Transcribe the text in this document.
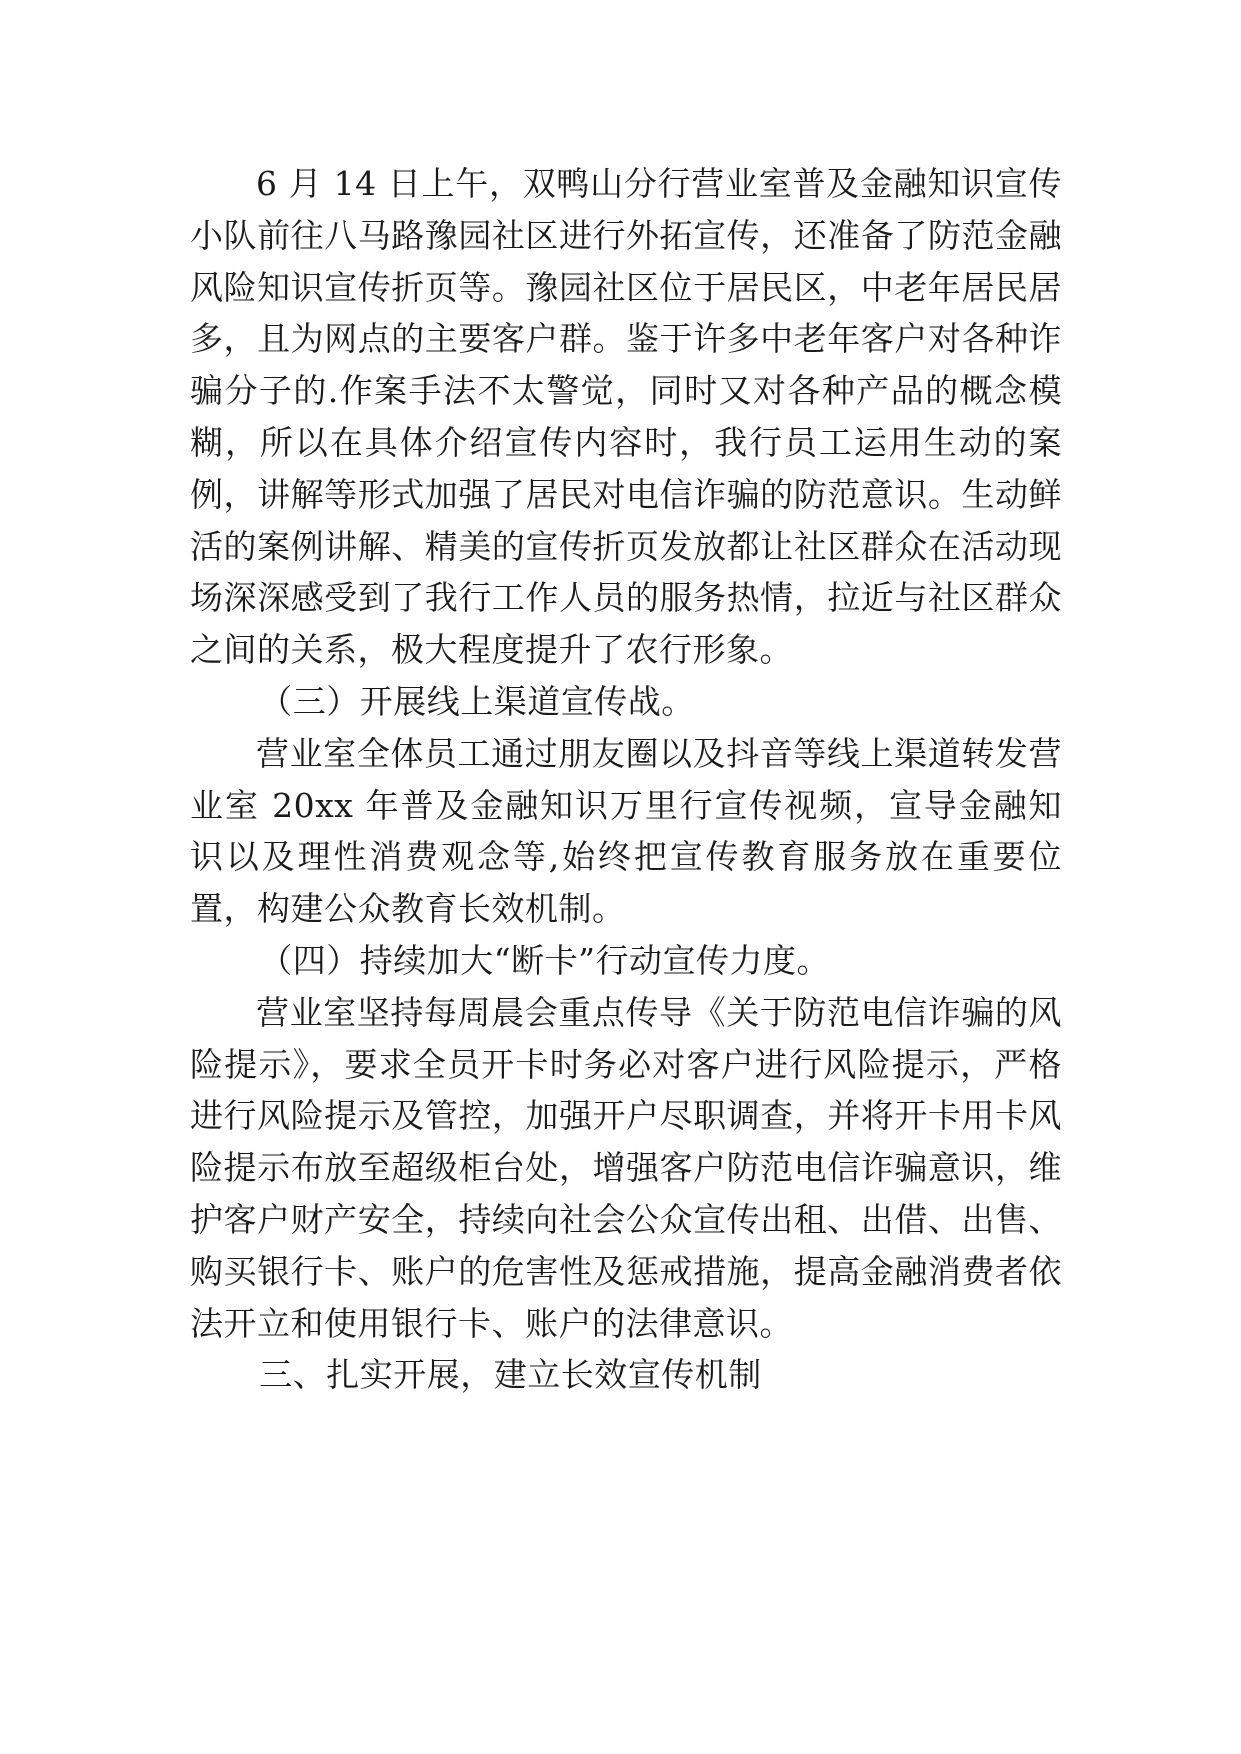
6 月 14 日上午，双鸭山分行营业室普及金融知识宣传小队前往八马路豫园社区进行外拓宣传，还准备了防范金融风险知识宣传折页等。豫园社区位于居民区，中老年居民居多，且为网点的主要客户群。鉴于许多中老年客户对各种诈骗分子的.作案手法不太警觉，同时又对各种产品的概念模糊，所以在具体介绍宣传内容时，我行员工运用生动的案例，讲解等形式加强了居民对电信诈骗的防范意识。生动鲜活的案例讲解、精美的宣传折页发放都让社区群众在活动现场深深感受到了我行工作人员的服务热情，拉近与社区群众之间的关系，极大程度提升了农行形象。

（三）开展线上渠道宣传战。

营业室全体员工通过朋友圈以及抖音等线上渠道转发营业室 20xx 年普及金融知识万里行宣传视频，宣导金融知识以及理性消费观念等,始终把宣传教育服务放在重要位置，构建公众教育长效机制。

（四）持续加大“断卡”行动宣传力度。

营业室坚持每周晨会重点传导《关于防范电信诈骗的风险提示》，要求全员开卡时务必对客户进行风险提示，严格进行风险提示及管控，加强开户尽职调查，并将开卡用卡风险提示布放至超级柜台处，增强客户防范电信诈骗意识，维护客户财产安全，持续向社会公众宣传出租、出借、出售、购买银行卡、账户的危害性及惩戒措施，提高金融消费者依法开立和使用银行卡、账户的法律意识。

三、扎实开展，建立长效宣传机制
